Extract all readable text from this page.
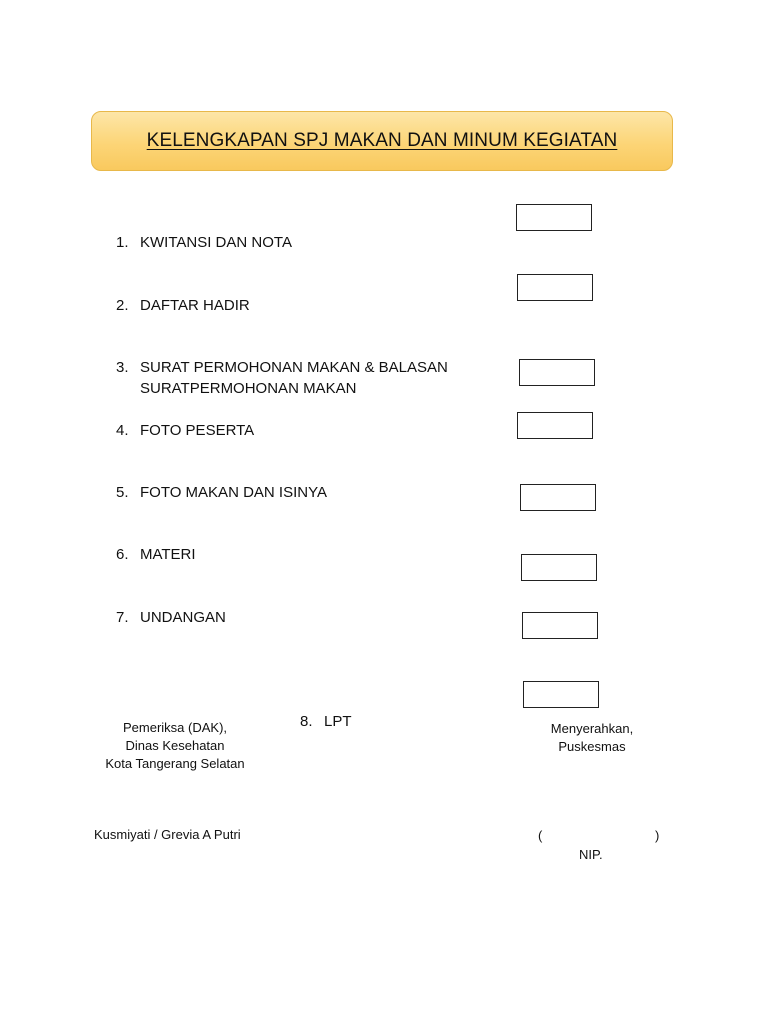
KELENGKAPAN SPJ MAKAN DAN MINUM KEGIATAN
1. KWITANSI DAN NOTA
2. DAFTAR HADIR
3. SURAT PERMOHONAN MAKAN & BALASAN
SURATPERMOHONAN MAKAN
4. FOTO PESERTA
5. FOTO MAKAN DAN ISINYA
6. MATERI
7. UNDANGAN
8. LPT
Pemeriksa (DAK),
Dinas Kesehatan
Kota Tangerang Selatan
Kusmiyati / Grevia A Putri
Menyerahkan,
Puskesmas
(	)
NIP.
